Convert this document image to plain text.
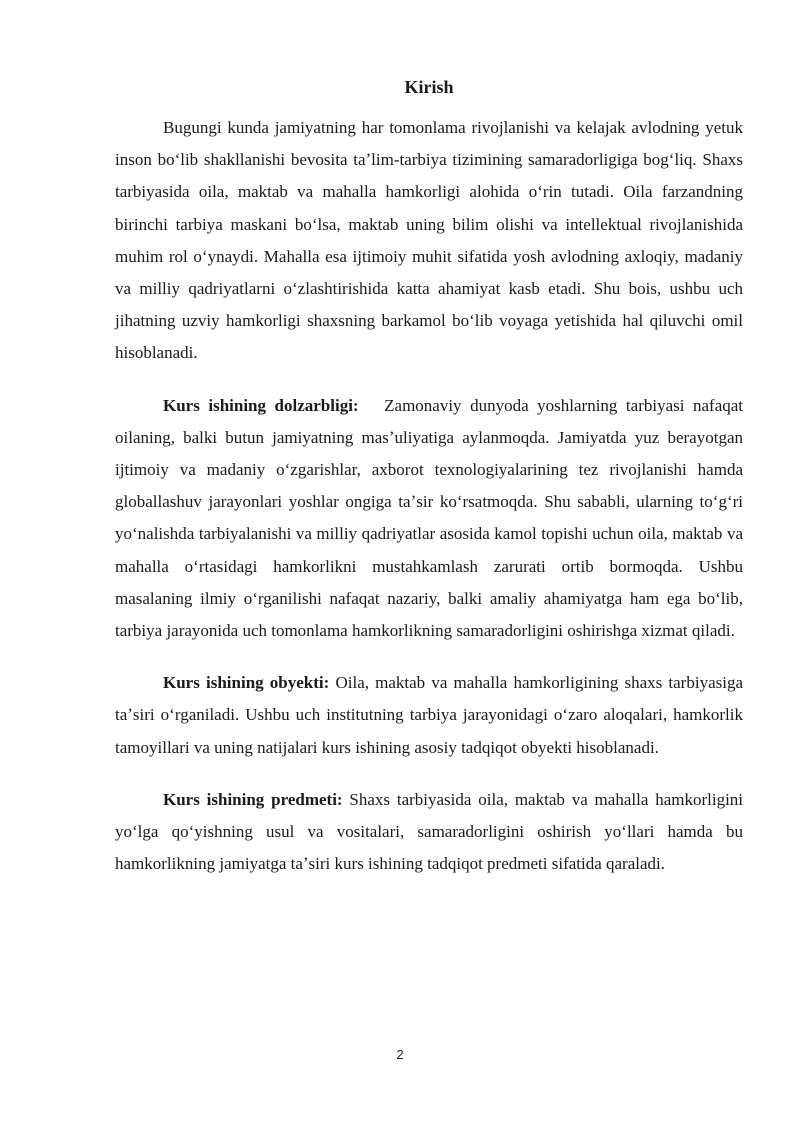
Kirish

Bugungi kunda jamiyatning har tomonlama rivojlanishi va kelajak avlodning yetuk inson boʻlib shakllanishi bevosita taʼlim-tarbiya tizimining samaradorligiga bogʻliq. Shaxs tarbiyasida oila, maktab va mahalla hamkorligi alohida oʻrin tutadi. Oila farzandning birinchi tarbiya maskani boʻlsa, maktab uning bilim olishi va intellektual rivojlanishida muhim rol oʻynaydi. Mahalla esa ijtimoiy muhit sifatida yosh avlodning axloqiy, madaniy va milliy qadriyatlarni oʻzlashtirishida katta ahamiyat kasb etadi. Shu bois, ushbu uch jihatning uzviy hamkorligi shaxsning barkamol boʻlib voyaga yetishida hal qiluvchi omil hisoblanadi.

Kurs ishining dolzarbligi: Zamonaviy dunyoda yoshlarning tarbiyasi nafaqat oilaning, balki butun jamiyatning masʼuliyatiga aylanmoqda. Jamiyatda yuz berayotgan ijtimoiy va madaniy oʻzgarishlar, axborot texnologiyalarining tez rivojlanishi hamda globallashuv jarayonlari yoshlar ongiga taʼsir koʻrsatmoqda. Shu sababli, ularning toʻgʻri yoʻnalishda tarbiyalanishi va milliy qadriyatlar asosida kamol topishi uchun oila, maktab va mahalla oʻrtasidagi hamkorlikni mustahkamlash zarurati ortib bormoqda. Ushbu masalaning ilmiy oʻrganilishi nafaqat nazariy, balki amaliy ahamiyatga ham ega boʻlib, tarbiya jarayonida uch tomonlama hamkorlikning samaradorligini oshirishga xizmat qiladi.

Kurs ishining obyekti: Oila, maktab va mahalla hamkorligining shaxs tarbiyasiga taʼsiri oʻrganiladi. Ushbu uch institutning tarbiya jarayonidagi oʻzaro aloqalari, hamkorlik tamoyillari va uning natijalari kurs ishining asosiy tadqiqot obyekti hisoblanadi.

Kurs ishining predmeti: Shaxs tarbiyasida oila, maktab va mahalla hamkorligini yoʻlga qoʻyishning usul va vositalari, samaradorligini oshirish yoʻllari hamda bu hamkorlikning jamiyatga taʼsiri kurs ishining tadqiqot predmeti sifatida qaraladi.

2
